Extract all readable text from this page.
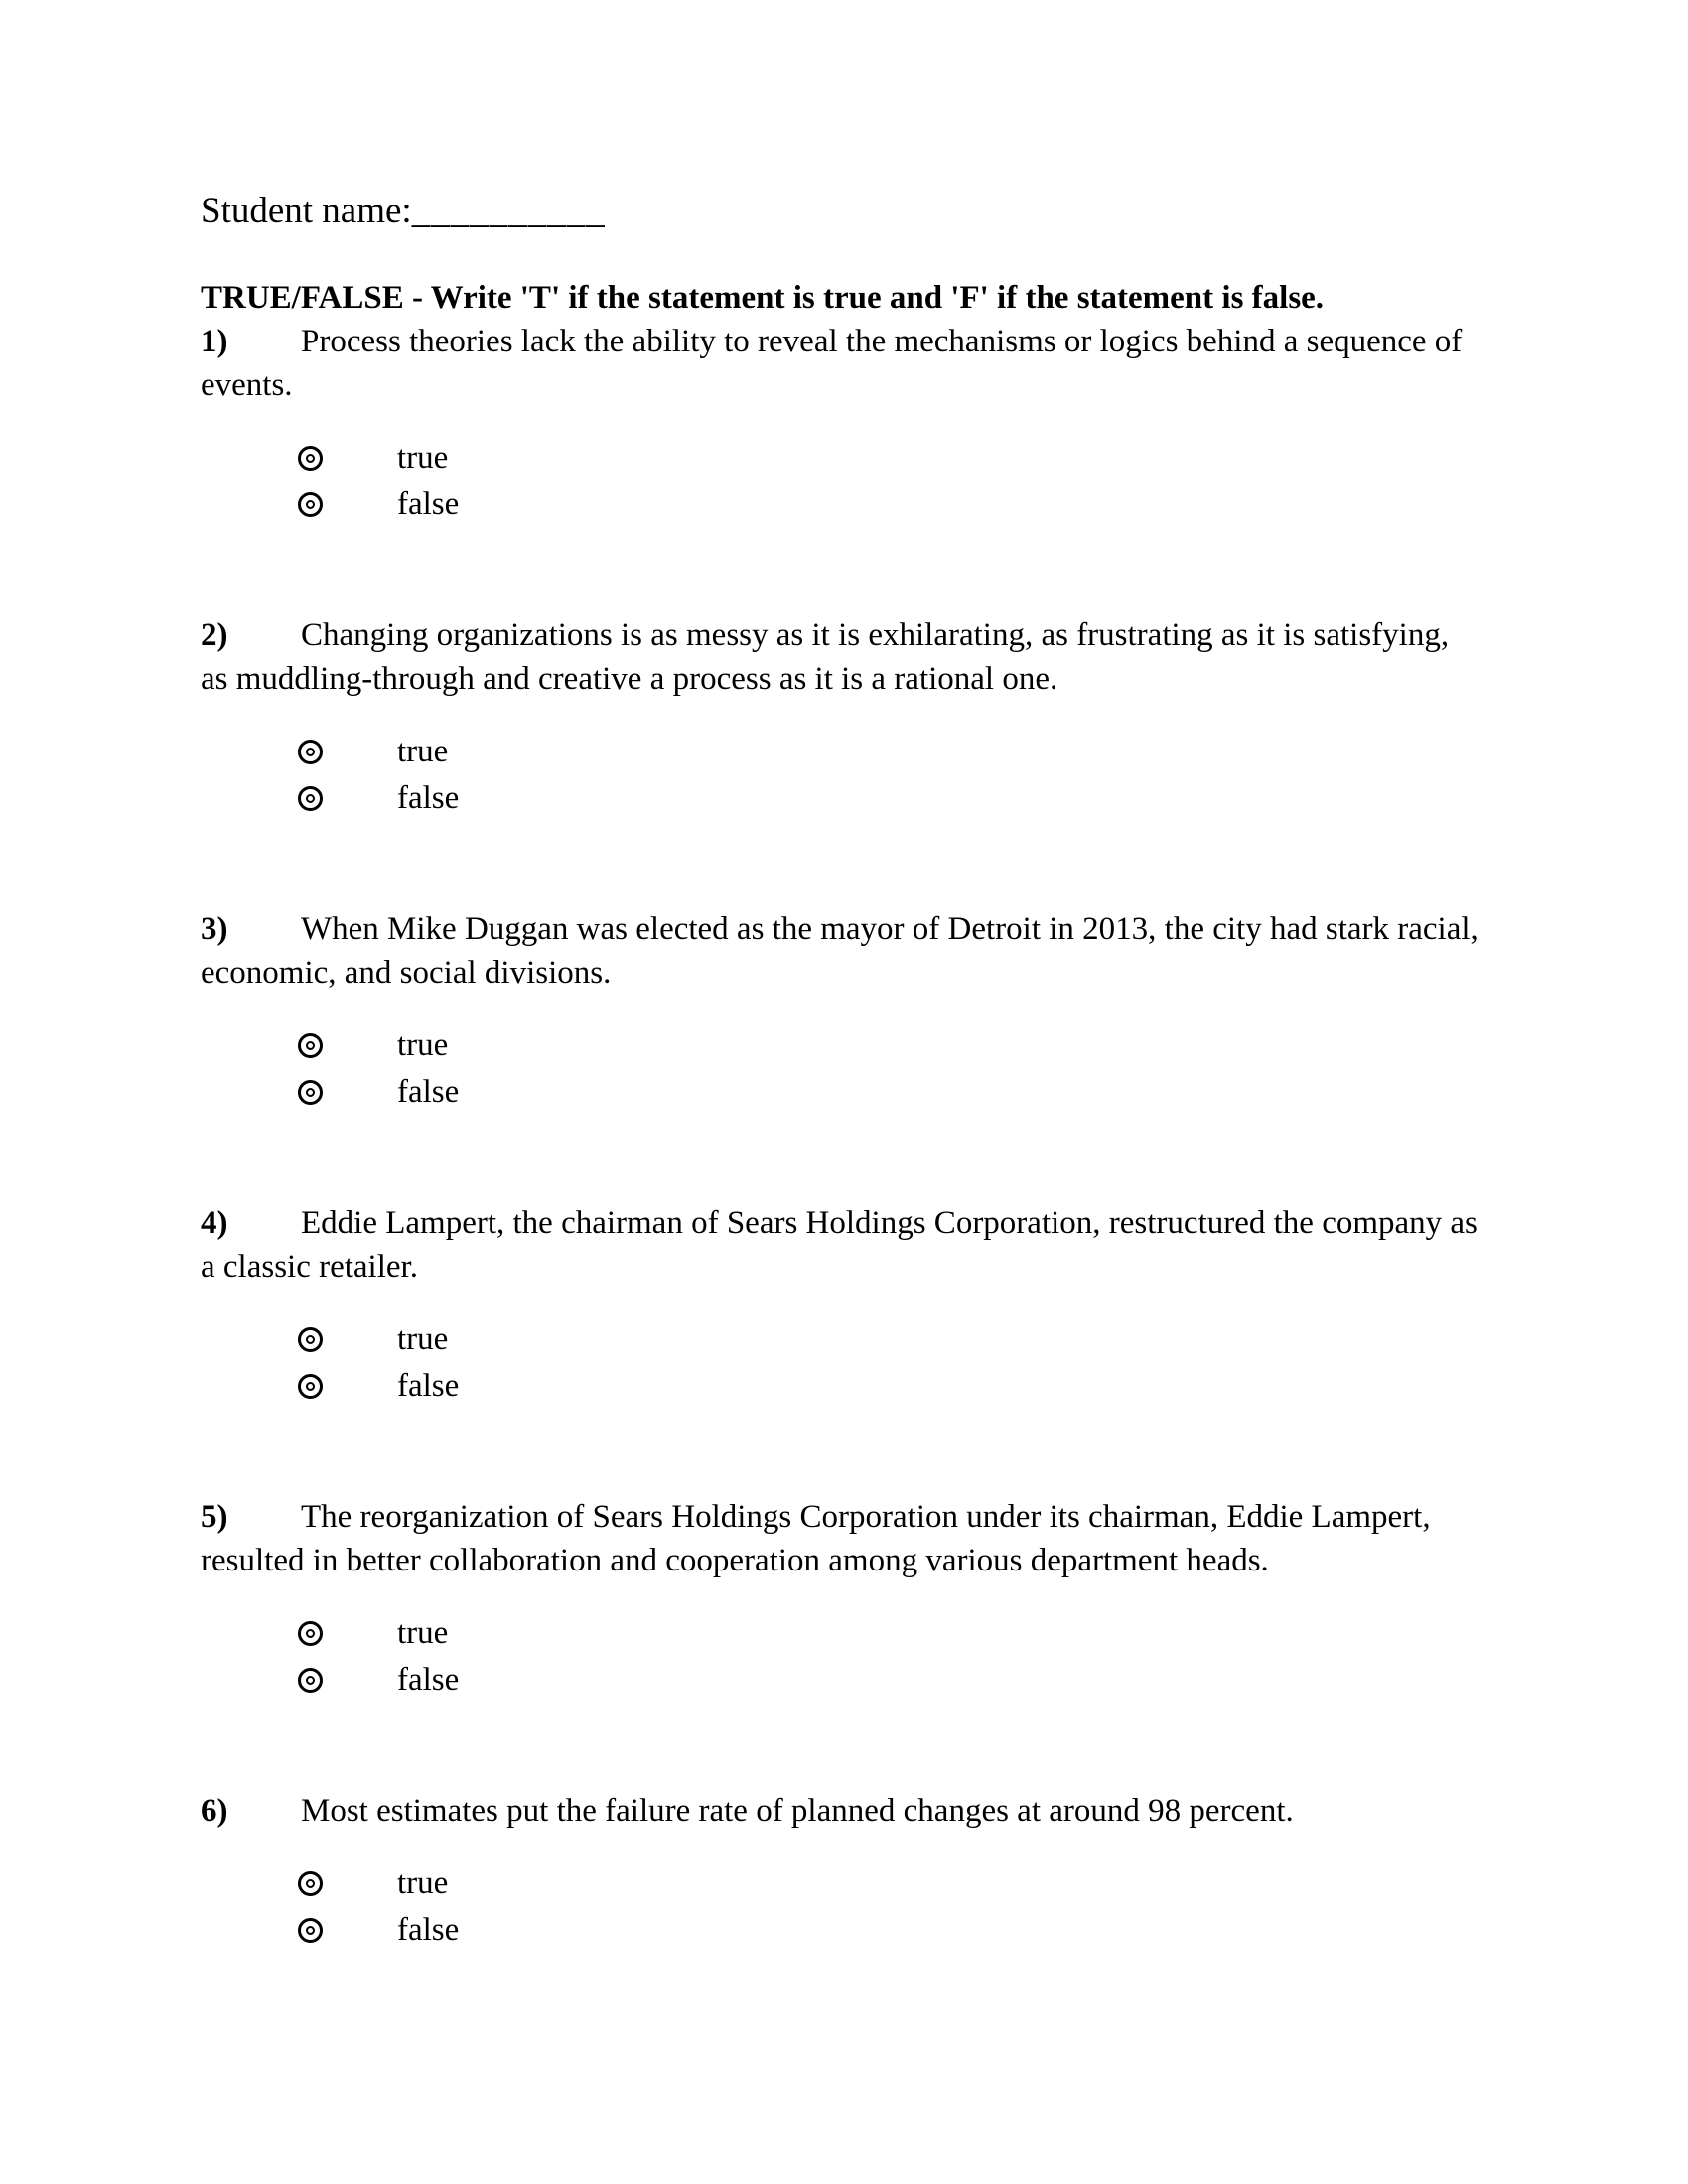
Student name:__________
TRUE/FALSE - Write 'T' if the statement is true and 'F' if the statement is false.

1) Process theories lack the ability to reveal the mechanisms or logics behind a sequence of events.

true
false

2) Changing organizations is as messy as it is exhilarating, as frustrating as it is satisfying, as muddling-through and creative a process as it is a rational one.

true
false

3) When Mike Duggan was elected as the mayor of Detroit in 2013, the city had stark racial, economic, and social divisions.

true
false

4) Eddie Lampert, the chairman of Sears Holdings Corporation, restructured the company as a classic retailer.

true
false

5) The reorganization of Sears Holdings Corporation under its chairman, Eddie Lampert, resulted in better collaboration and cooperation among various department heads.

true
false

6) Most estimates put the failure rate of planned changes at around 98 percent.

true
false
